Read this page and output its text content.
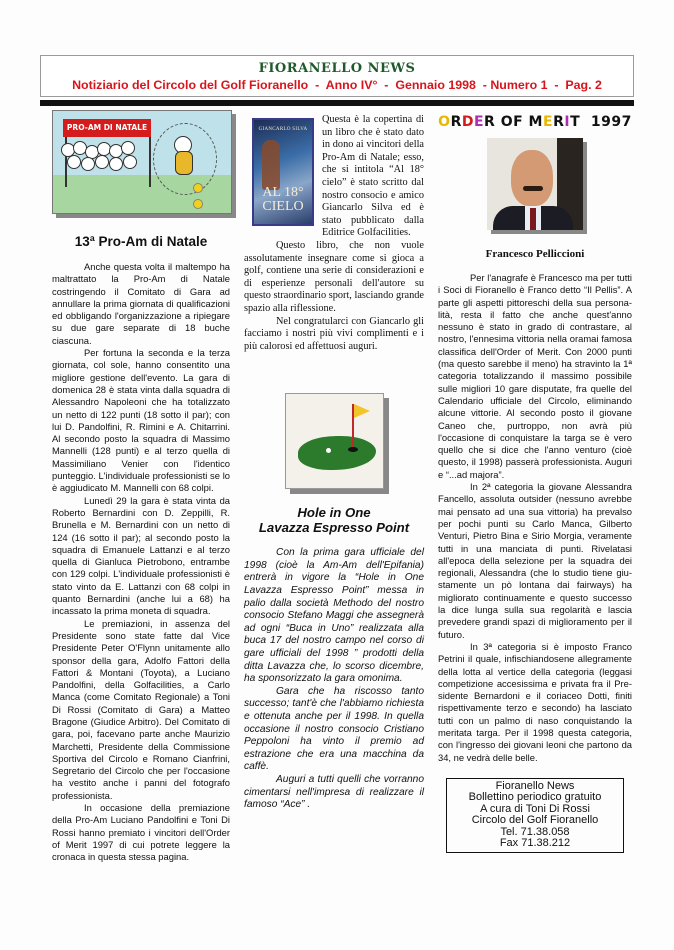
FIORANELLO NEWS
Notiziario del Circolo del Golf Fioranello  -  Anno IV°  -  Gennaio 1998  - Numero 1  -  Pag. 2
PRO-AM DI NATALE
13ª Pro-Am di Natale

Anche questa volta il maltempo ha maltrattato la Pro-Am di Natale costringendo il Comitato di Gara ad annullare la prima giornata di qualificazioni ed obbligando l'organizzazione a ripiegare su due gare separate di 18 buche ciascuna.

Per fortuna la seconda e la terza giornata, col sole, hanno consentito una migliore gestione dell'evento. La gara di domenica 28 è stata vinta dalla squadra di Alessandro Napoleoni che ha totalizzato un netto di 122 punti (18 sotto il par); con lui D. Pandolfini, R. Rimini e A. Chitarrini. Al secondo posto la squadra di Massimo Mannelli (128 punti) e al terzo quella di Massimiliano Venier con l'identico punteggio. L'individuale professionisti se lo è aggiudicato M. Mannelli con 68 colpi.

Lunedì 29 la gara è stata vinta da Roberto Bernardini con D. Zeppilli, R. Brunella e M. Bernardini con un netto di 124 (16 sotto il par); al secondo posto la squadra di Emanuele Lattanzi e al terzo quella di Gianluca Pietrobono, entrambe con 129 colpi. L'individuale professionisti è stato vinto da E. Lattanzi con 68 colpi in quanto Bernardini (anche lui a 68) ha incassato la prima moneta di squadra.

Le premiazioni, in assenza del Presidente sono state fatte dal Vice Presidente Peter O'Flynn unitamente allo sponsor della gara, Adolfo Fattori della Fattori & Montani (Toyota), a Luciano Pandolfini, della Golfacilities, a Carlo Manca (come Comitato Regionale) a Toni Di Rossi (Comitato di Gara) a Matteo Bragone (Giudice Arbitro). Del Comitato di gara, poi, facevano parte anche Maurizio Marchetti, Presidente della Commissione Sportiva del Circolo e Romano Cianfrini, Segretario del Circolo che per l'occasione ha vestito anche i panni del fotografo professionista.

In occasione della premiazione della Pro-Am Luciano Pandolfini e Toni Di Rossi hanno premiato i vincitori dell'Order of Merit 1997 di cui potrete leggere la cronaca in questa stessa pagina.

GIANCARLO SILVA
AL 18°
CIELO

Questa è la copertina di un libro che è stato dato in dono ai vincitori della Pro-Am di Natale; esso, che si intitola “Al 18° cielo” è stato scritto dal nostro consocio e amico Giancarlo Silva ed è stato pubblicato dalla Editrice Golfacilities.

Questo libro, che non vuole assolutamente insegnare come si gioca a golf, contiene una serie di considerazioni e di esperienze personali dell'autore su questo straordinario sport, lasciando grande spazio alla riflessione.

Nel congratularci con Giancarlo gli facciamo i nostri più vivi complimenti e i più calorosi ed affettuosi auguri.

Hole in One
Lavazza Espresso Point

Con la prima gara ufficiale del 1998 (cioè la Am-Am dell'Epifania) entrerà in vigore la “Hole in One Lavazza Espresso Point” messa in palio dalla società Methodo del nostro consocio Stefano Maggi che assegnerà ad ogni “Buca in Uno” realizzata alla buca 17 del nostro campo nel corso di gare ufficiali del 1998 ” prodotti della ditta Lavazza che, lo scorso dicembre, ha sponsorizzato la gara omonima.

Gara che ha riscosso tanto successo; tant'è che l'abbiamo richiesta e ottenuta anche per il 1998. In quella occasione il nostro consocio Cristiano Peppoloni ha vinto il premio ad estrazione che era una macchina da caffè.

Auguri a tutti quelli che vorranno cimentarsi nell'impresa di realizzare il famoso “Ace” .

ORDER OF MERIT  1997
Francesco Pelliccioni

Per l'anagrafe è Francesco ma per tutti i Soci di Fioranello è Franco detto “Il Pellis”. A parte gli aspetti pittoreschi della sua personalità, resta il fatto che anche quest'anno nessuno è stato in grado di contrastare, al nostro, l'ennesima vittoria nella oramai famosa classifica dell'Order of Merit. Con 2000 punti (ma questo sarebbe il meno) ha stravinto la 1ª categoria totalizzando il massimo possibile sulle migliori 10 gare disputate, fra quelle del Calendario ufficiale del Circolo, eliminando alcune vittorie. Al secondo posto il giovane Caneo che, purtroppo, non avrà più l'occasione di conquistare la targa se è vero quello che si dice che l'anno venturo (cioè questo, il 1998) passerà professionista. Auguri e “...ad majora”.

In 2ª categoria la giovane Alessandra Fancello, assoluta outsider (nessuno avrebbe mai pensato ad una sua vittoria) ha prevalso per pochi punti su Carlo Manca, Gilberto Venturi, Pietro Bina e Sirio Morgia, veramente tutti in una manciata di punti. Rivelatasi all'epoca della selezione per la squadra dei regionali, Alessandra (che lo studio tiene giustamente un pò lontana dai fairways) ha migliorato continuamente e questo successo la dice lunga sulla sua regolarità e lascia prevedere grandi spazi di miglioramento per il futuro.

In 3ª categoria si è imposto Franco Petrini il quale, infischiandosene allegramente della lotta al vertice della categoria (leggasi competizione accesissima e privata fra il Presidente Bernardoni e il coriaceo Dotti, finiti rispettivamente terzo e secondo) ha lasciato tutti con un palmo di naso conquistando la meritata targa. Per il 1998 questa categoria, con l'ingresso dei giovani leoni che partono da 34, ne vedrà delle belle.

Fioranello News
Bollettino periodico gratuito
A cura di Toni Di Rossi
Circolo del Golf Fioranello
Tel. 71.38.058
Fax 71.38.212
